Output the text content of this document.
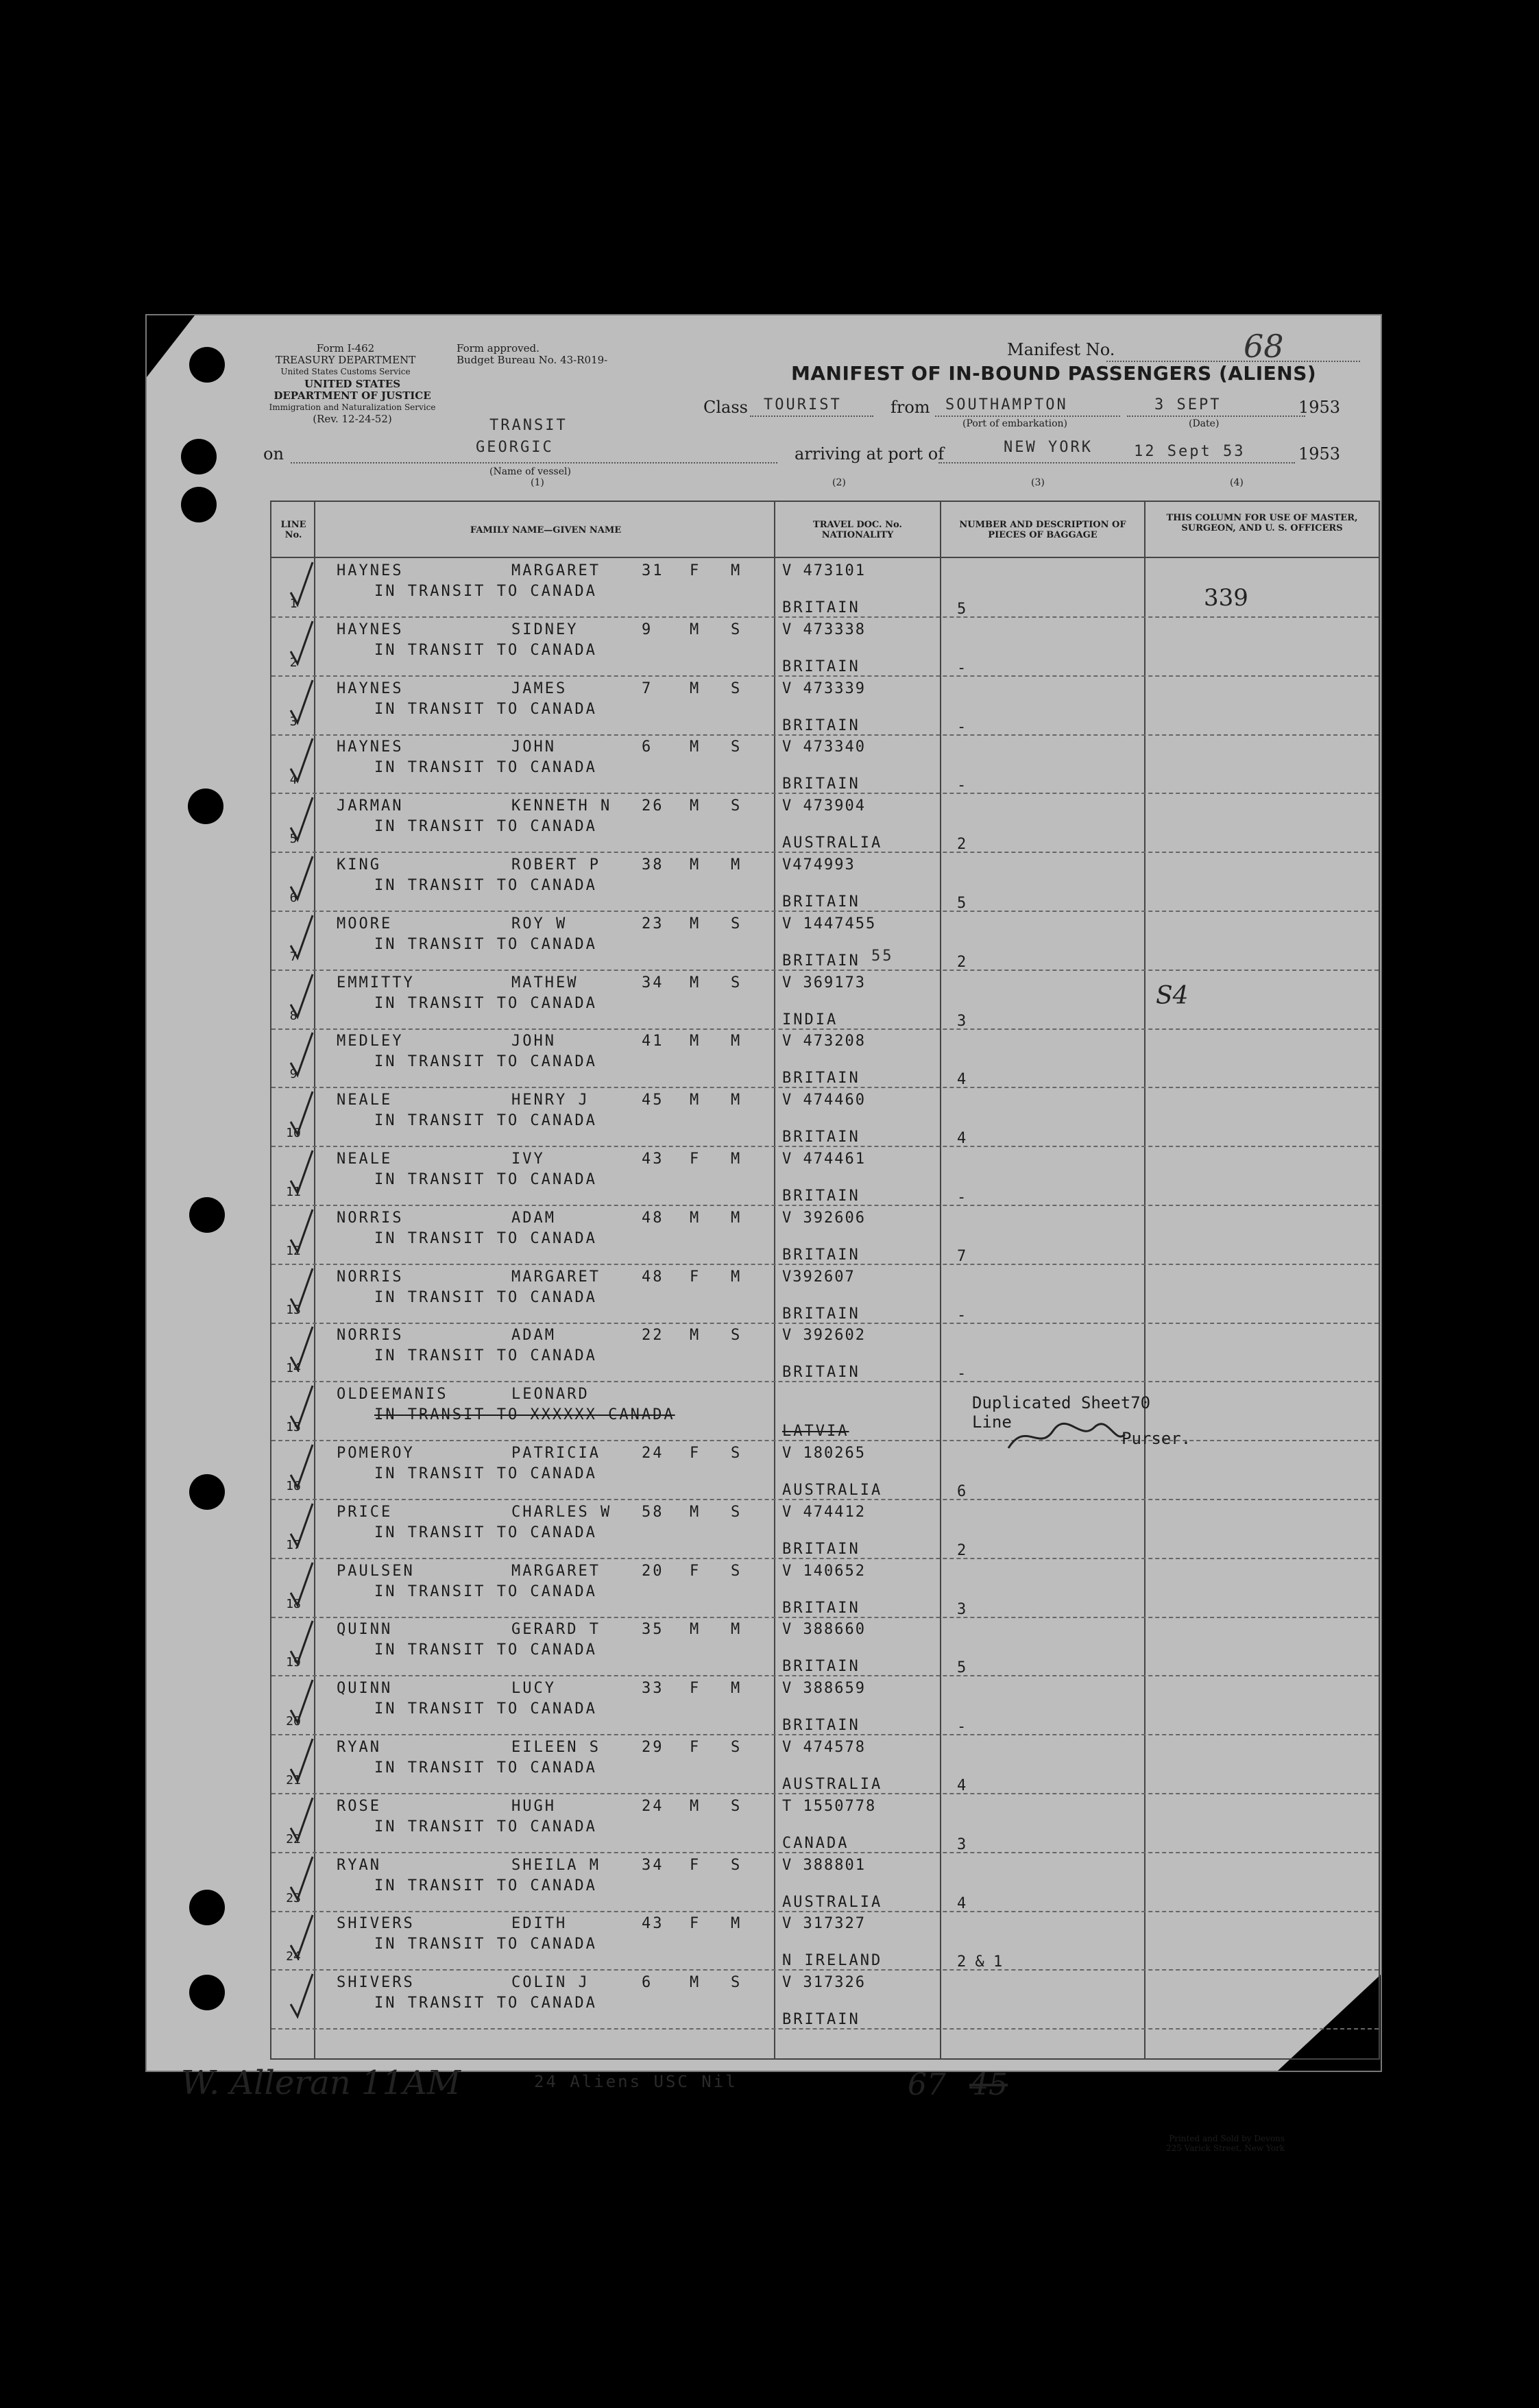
Form I-462
TREASURY DEPARTMENT
United States Customs Service
UNITED STATES DEPARTMENT OF JUSTICE
Immigration and Naturalization Service
(Rev. 12-24-52)
Form approved.
Budget Bureau No. 43-R019-
Manifest No.	68
MANIFEST OF IN-BOUND PASSENGERS (ALIENS)
Class TOURIST	from SOUTHAMPTON
(Port of embarkation)
3 SEPT
(Date)
1953
TRANSIT
on	GEORGIC
(Name of vessel)
(1)
arriving at port of	NEW YORK	12 Sept 53	1953
(2)	(3)	(4)
LINE No.	FAMILY NAME—GIVEN NAME
TRAVEL DOC. No. NATIONALITY
NUMBER AND DESCRIPTION OF PIECES OF BAGGAGE
THIS COLUMN FOR USE OF MASTER, SURGEON, AND U. S. OFFICERS
1
HAYNES	MARGARET	31 F M
IN TRANSIT TO CANADA
V 473101
BRITAIN	5
2
HAYNES	SIDNEY	9 M S
IN TRANSIT TO CANADA
V 473338
BRITAIN	-
3
HAYNES	JAMES	7 M S
IN TRANSIT TO CANADA
V 473339
BRITAIN	-
4
HAYNES	JOHN	6 M S
IN TRANSIT TO CANADA
V 473340
BRITAIN	-
5
JARMAN	KENNETH N 26 M S
IN TRANSIT TO CANADA
V 473904
AUSTRALIA	2
6
KING	ROBERT P	38 M M
IN TRANSIT TO CANADA
V474993
BRITAIN	5
7
MOORE	ROY W	23 M S
IN TRANSIT TO CANADA
V 1447455
BRITAIN	2
8
EMMITTY	MATHEW	34 M S
IN TRANSIT TO CANADA
V 369173
INDIA	3
9
MEDLEY	JOHN	41 M M
IN TRANSIT TO CANADA
V 473208
BRITAIN	4
10
NEALE	HENRY J	45 M M
IN TRANSIT TO CANADA
V 474460
BRITAIN	4
11
NEALE	IVY	43 F M
IN TRANSIT TO CANADA
V 474461
BRITAIN	-
12
NORRIS	ADAM	48 M M
IN TRANSIT TO CANADA
V 392606
BRITAIN	7
13
NORRIS	MARGARET	48 F M
IN TRANSIT TO CANADA
V392607
BRITAIN	-
14
NORRIS	ADAM	22 M S
IN TRANSIT TO CANADA
V 392602
BRITAIN	-
15
OLDEEMANIS	LEONARD
IN TRANSIT TO XXXXXX CANADA
LATVIA
16
POMEROY	PATRICIA	24 F S
IN TRANSIT TO CANADA
V 180265
AUSTRALIA	6
17
PRICE	CHARLES W 58 M S
IN TRANSIT TO CANADA
V 474412
BRITAIN	2
18
PAULSEN	MARGARET	20 F S
IN TRANSIT TO CANADA
V 140652
BRITAIN	3
19
QUINN	GERARD T	35 M M
IN TRANSIT TO CANADA
V 388660
BRITAIN	5
20
QUINN	LUCY	33 F M
IN TRANSIT TO CANADA
V 388659
BRITAIN	-
21
RYAN	EILEEN S	29 F S
IN TRANSIT TO CANADA
V 474578
AUSTRALIA	4
22
ROSE	HUGH	24 M S
IN TRANSIT TO CANADA
T 1550778
CANADA	3
23
RYAN	SHEILA M	34 F S
IN TRANSIT TO CANADA
V 388801
AUSTRALIA	4
24
SHIVERS	EDITH	43 F M
IN TRANSIT TO CANADA
V 317327
N IRELAND	2 & 1
SHIVERS	COLIN J	6 M S
IN TRANSIT TO CANADA
V 317326
BRITAIN
339
55
S4
Duplicated Sheet70
Line
Purser.
W. Alleran 11AM	24 Aliens USC Nil	67 45
Printed and Sold by Devons
225 Varick Street, New York
